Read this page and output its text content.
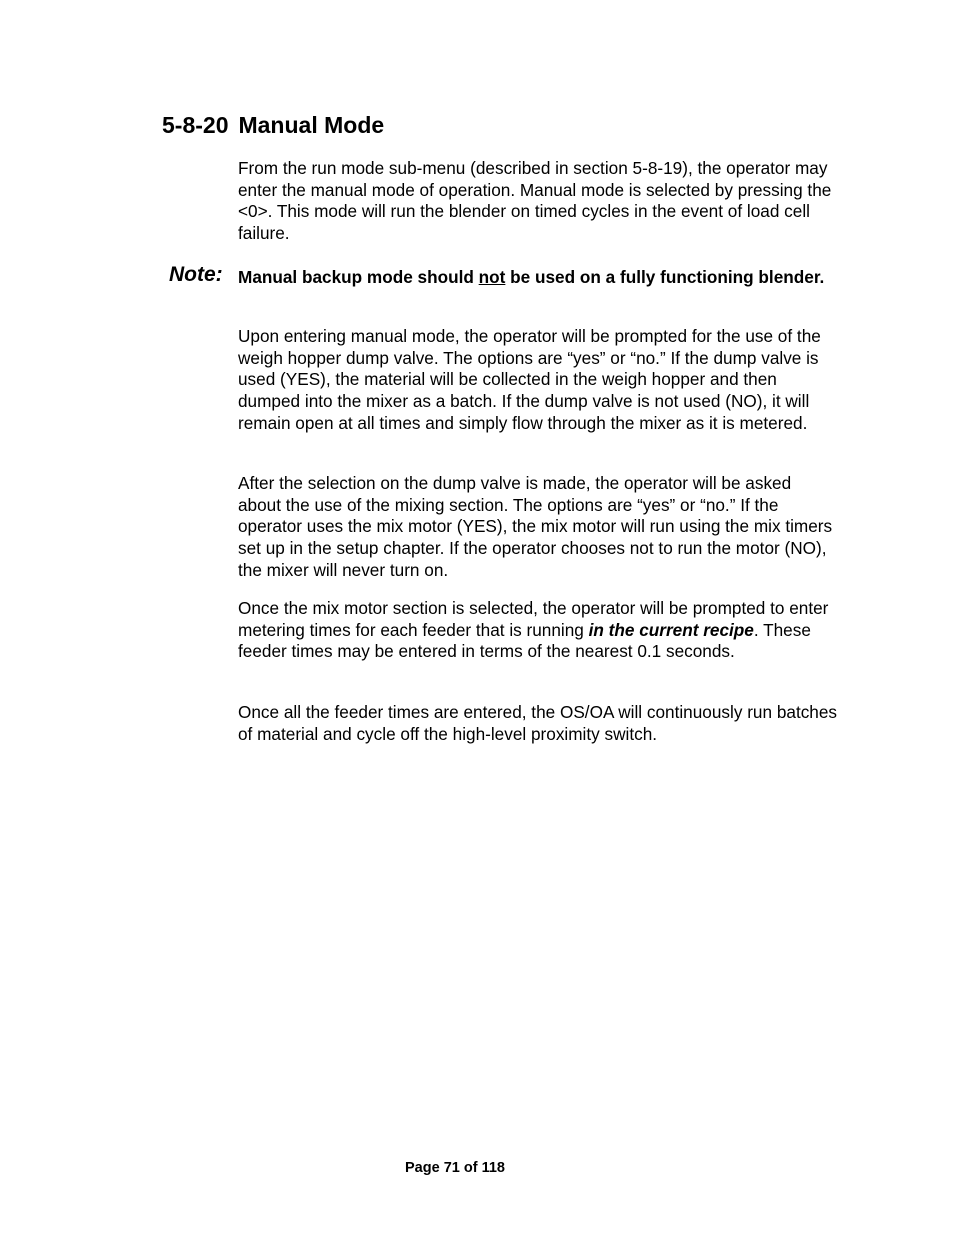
5-8-20 Manual Mode

From the run mode sub-menu (described in section 5-8-19), the operator may enter the manual mode of operation. Manual mode is selected by pressing the <0>. This mode will run the blender on timed cycles in the event of load cell failure.

Note: Manual backup mode should not be used on a fully functioning blender.

Upon entering manual mode, the operator will be prompted for the use of the weigh hopper dump valve. The options are “yes” or “no.” If the dump valve is used (YES), the material will be collected in the weigh hopper and then dumped into the mixer as a batch. If the dump valve is not used (NO), it will remain open at all times and simply flow through the mixer as it is metered.

After the selection on the dump valve is made, the operator will be asked about the use of the mixing section. The options are “yes” or “no.” If the operator uses the mix motor (YES), the mix motor will run using the mix timers set up in the setup chapter. If the operator chooses not to run the motor (NO), the mixer will never turn on.

Once the mix motor section is selected, the operator will be prompted to enter metering times for each feeder that is running in the current recipe. These feeder times may be entered in terms of the nearest 0.1 seconds.

Once all the feeder times are entered, the OS/OA will continuously run batches of material and cycle off the high-level proximity switch.

Page 71 of 118
